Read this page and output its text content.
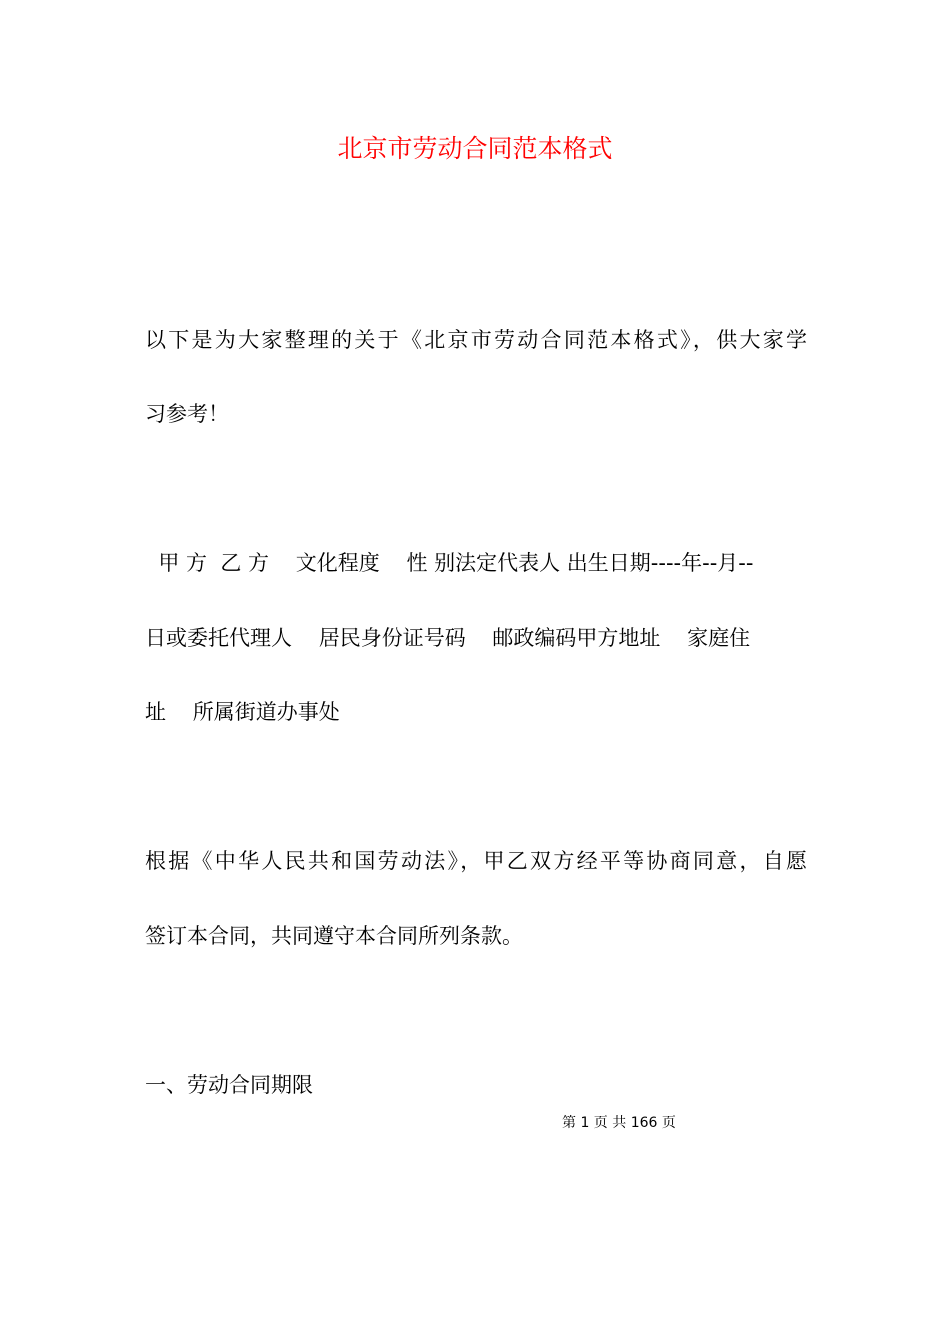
北京市劳动合同范本格式

以下是为大家整理的关于《北京市劳动合同范本格式》，供大家学

习参考！

甲 方  乙 方    文化程度    性 别法定代表人 出生日期----年--月--

日或委托代理人    居民身份证号码    邮政编码甲方地址    家庭住

址    所属街道办事处

根据《中华人民共和国劳动法》，甲乙双方经平等协商同意，自愿

签订本合同，共同遵守本合同所列条款。

一、劳动合同期限

第 1 页 共 166 页
